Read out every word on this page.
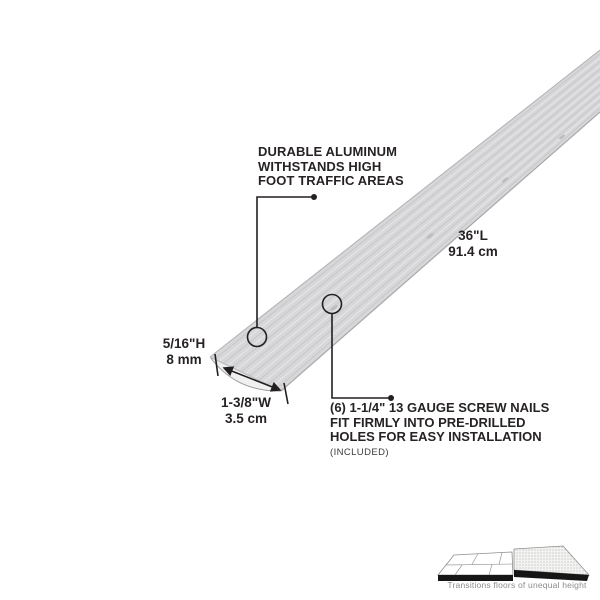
DURABLE ALUMINUM
WITHSTANDS HIGH
FOOT TRAFFIC AREAS
36"L
91.4 cm
5/16"H
8 mm
1-3/8"W
3.5 cm
(6) 1-1/4" 13 GAUGE SCREW NAILS
FIT FIRMLY INTO PRE-DRILLED
HOLES FOR EASY INSTALLATION
(INCLUDED)
Transitions floors of unequal height
